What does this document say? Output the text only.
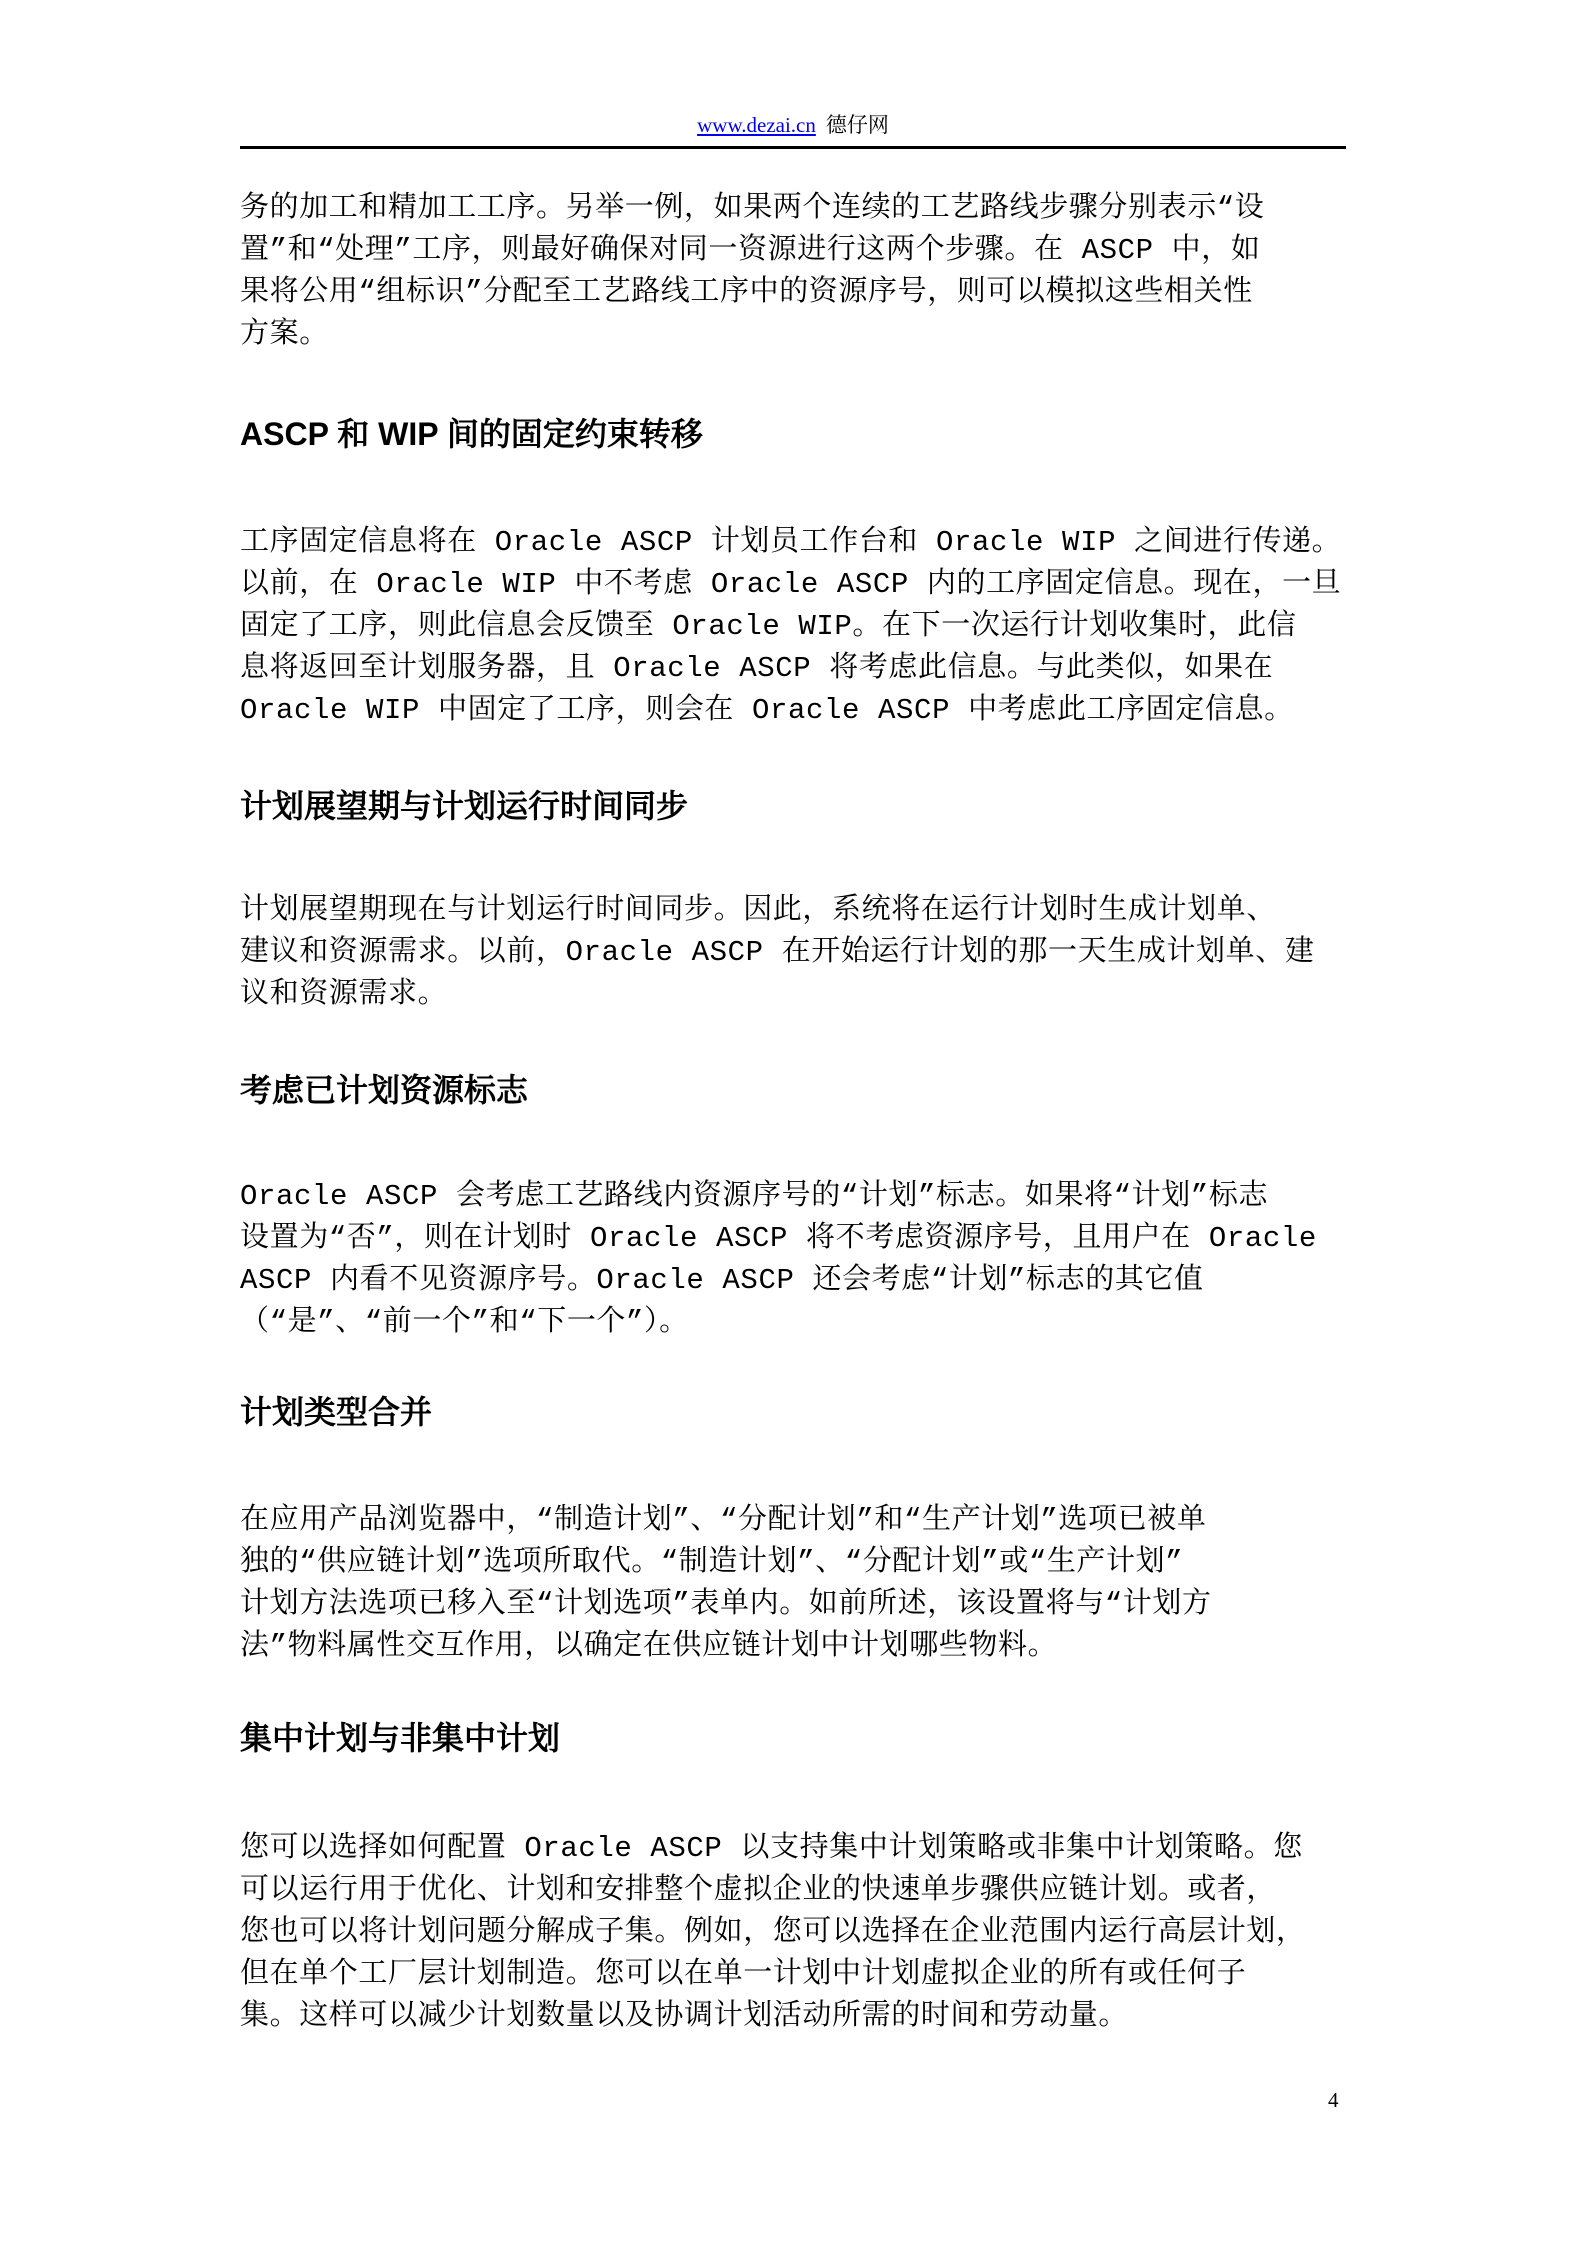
www.dezai.cn 德仔网

务的加工和精加工工序。另举一例，如果两个连续的工艺路线步骤分别表示“设
置”和“处理”工序，则最好确保对同一资源进行这两个步骤。在 ASCP 中，如
果将公用“组标识”分配至工艺路线工序中的资源序号，则可以模拟这些相关性
方案。

ASCP 和 WIP 间的固定约束转移

工序固定信息将在 Oracle ASCP 计划员工作台和 Oracle WIP 之间进行传递。
以前，在 Oracle WIP 中不考虑 Oracle ASCP 内的工序固定信息。现在，一旦
固定了工序，则此信息会反馈至 Oracle WIP。在下一次运行计划收集时，此信
息将返回至计划服务器，且 Oracle ASCP 将考虑此信息。与此类似，如果在
Oracle WIP 中固定了工序，则会在 Oracle ASCP 中考虑此工序固定信息。

计划展望期与计划运行时间同步

计划展望期现在与计划运行时间同步。因此，系统将在运行计划时生成计划单、
建议和资源需求。以前，Oracle ASCP 在开始运行计划的那一天生成计划单、建
议和资源需求。

考虑已计划资源标志

Oracle ASCP 会考虑工艺路线内资源序号的“计划”标志。如果将“计划”标志
设置为“否”，则在计划时 Oracle ASCP 将不考虑资源序号，且用户在 Oracle
ASCP 内看不见资源序号。Oracle ASCP 还会考虑“计划”标志的其它值
（“是”、“前一个”和“下一个”）。

计划类型合并

在应用产品浏览器中，“制造计划”、“分配计划”和“生产计划”选项已被单
独的“供应链计划”选项所取代。“制造计划”、“分配计划”或“生产计划”
计划方法选项已移入至“计划选项”表单内。如前所述，该设置将与“计划方
法”物料属性交互作用，以确定在供应链计划中计划哪些物料。

集中计划与非集中计划

您可以选择如何配置 Oracle ASCP 以支持集中计划策略或非集中计划策略。您
可以运行用于优化、计划和安排整个虚拟企业的快速单步骤供应链计划。或者，
您也可以将计划问题分解成子集。例如，您可以选择在企业范围内运行高层计划，
但在单个工厂层计划制造。您可以在单一计划中计划虚拟企业的所有或任何子
集。这样可以减少计划数量以及协调计划活动所需的时间和劳动量。

4
